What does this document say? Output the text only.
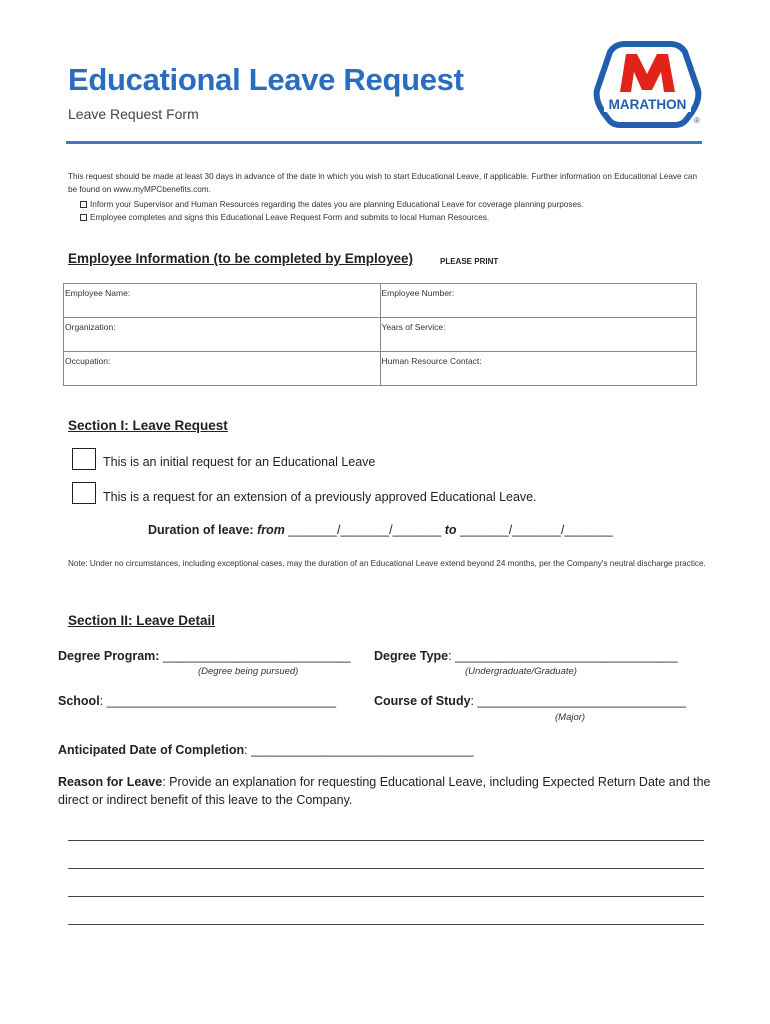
Educational Leave Request
Leave Request Form
MARATHON
®
This request should be made at least 30 days in advance of the date in which you wish to start Educational Leave, if applicable. Further information on Educational Leave can be found on www.myMPCbenefits.com.
Inform your Supervisor and Human Resources regarding the dates you are planning Educational Leave for coverage planning purposes.
Employee completes and signs this Educational Leave Request Form and submits to local Human Resources.
Employee Information (to be completed by Employee)	PLEASE PRINT
Employee Name:	Employee Number:
Organization:	Years of Service:
Occupation:	Human Resource Contact:
Section I: Leave Request
This is an initial request for an Educational Leave
This is a request for an extension of a previously approved Educational Leave.
Duration of leave: from _______/_______/_______ to _______/_______/_______
Note: Under no circumstances, including exceptional cases, may the duration of an Educational Leave extend beyond 24 months, per the Company's neutral discharge practice.
Section II: Leave Detail
Degree Program: ___________________________
(Degree being pursued)
Degree Type: ________________________________
(Undergraduate/Graduate)
School: _________________________________	Course of Study: ______________________________
(Major)
Anticipated Date of Completion: ________________________________
Reason for Leave: Provide an explanation for requesting Educational Leave, including Expected Return Date and the direct or indirect benefit of this leave to the Company.
